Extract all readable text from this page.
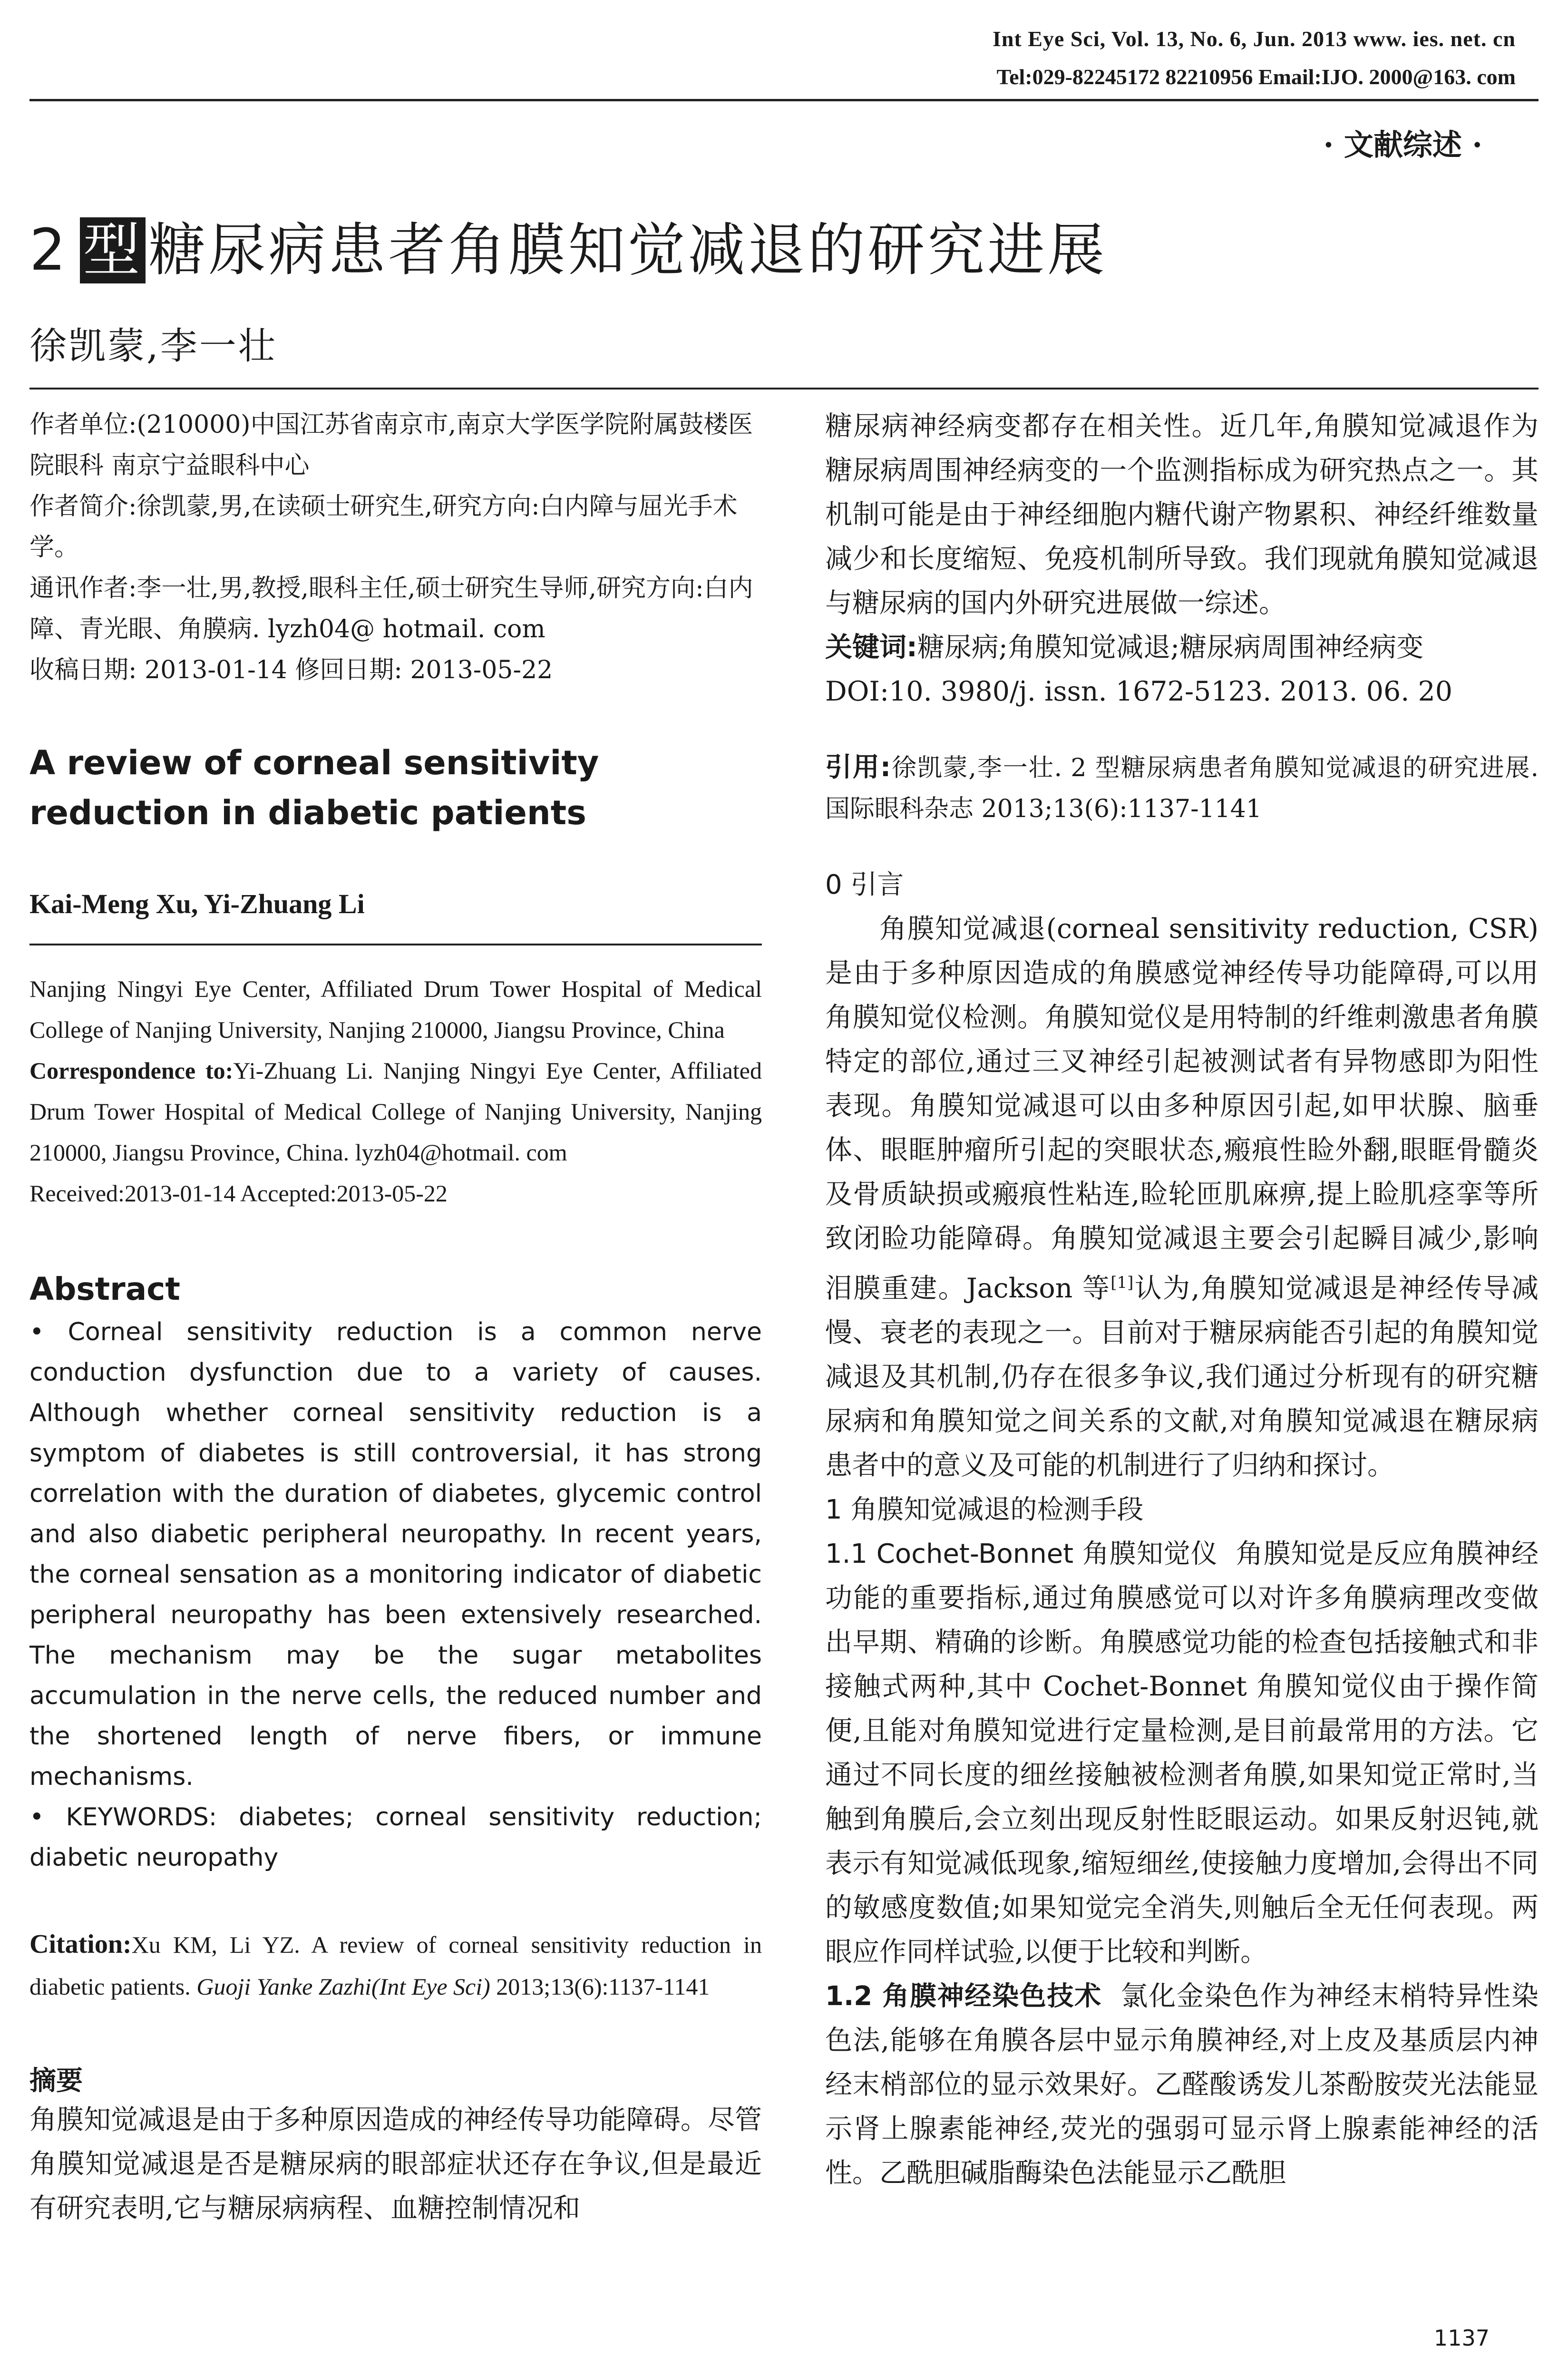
Int Eye Sci, Vol. 13, No. 6, Jun. 2013 www. ies. net. cn
Tel:029-82245172 82210956 Email:IJO. 2000@163. com
· 文献综述 ·
2 型 糖尿病患者角膜知觉减退的研究进展
徐凯蒙,李一壮

作者单位:(210000)中国江苏省南京市,南京大学医学院附属鼓楼医院眼科 南京宁益眼科中心

作者简介:徐凯蒙,男,在读硕士研究生,研究方向:白内障与屈光手术学。

通讯作者:李一壮,男,教授,眼科主任,硕士研究生导师,研究方向:白内障、青光眼、角膜病. lyzh04@ hotmail. com

收稿日期: 2013-01-14 修回日期: 2013-05-22

A review of corneal sensitivity reduction in diabetic patients
Kai-Meng Xu, Yi-Zhuang Li

Nanjing Ningyi Eye Center, Affiliated Drum Tower Hospital of Medical College of Nanjing University, Nanjing 210000, Jiangsu Province, China

Correspondence to:Yi-Zhuang Li. Nanjing Ningyi Eye Center, Affiliated Drum Tower Hospital of Medical College of Nanjing University, Nanjing 210000, Jiangsu Province, China. lyzh04@hotmail. com

Received:2013-01-14 Accepted:2013-05-22

Abstract

• Corneal sensitivity reduction is a common nerve conduction dysfunction due to a variety of causes. Although whether corneal sensitivity reduction is a symptom of diabetes is still controversial, it has strong correlation with the duration of diabetes, glycemic control and also diabetic peripheral neuropathy. In recent years, the corneal sensation as a monitoring indicator of diabetic peripheral neuropathy has been extensively researched. The mechanism may be the sugar metabolites accumulation in the nerve cells, the reduced number and the shortened length of nerve fibers, or immune mechanisms.

• KEYWORDS: diabetes; corneal sensitivity reduction; diabetic neuropathy

Citation:Xu KM, Li YZ. A review of corneal sensitivity reduction in diabetic patients. Guoji Yanke Zazhi(Int Eye Sci) 2013;13(6):1137-1141

摘要

角膜知觉减退是由于多种原因造成的神经传导功能障碍。尽管角膜知觉减退是否是糖尿病的眼部症状还存在争议,但是最近有研究表明,它与糖尿病病程、血糖控制情况和

糖尿病神经病变都存在相关性。近几年,角膜知觉减退作为糖尿病周围神经病变的一个监测指标成为研究热点之一。其机制可能是由于神经细胞内糖代谢产物累积、神经纤维数量减少和长度缩短、免疫机制所导致。我们现就角膜知觉减退与糖尿病的国内外研究进展做一综述。

关键词:糖尿病;角膜知觉减退;糖尿病周围神经病变

DOI:10. 3980/j. issn. 1672-5123. 2013. 06. 20

引用:徐凯蒙,李一壮. 2 型糖尿病患者角膜知觉减退的研究进展. 国际眼科杂志 2013;13(6):1137-1141

0 引言

角膜知觉减退(corneal sensitivity reduction, CSR)是由于多种原因造成的角膜感觉神经传导功能障碍,可以用角膜知觉仪检测。角膜知觉仪是用特制的纤维刺激患者角膜特定的部位,通过三叉神经引起被测试者有异物感即为阳性表现。角膜知觉减退可以由多种原因引起,如甲状腺、脑垂体、眼眶肿瘤所引起的突眼状态,瘢痕性睑外翻,眼眶骨髓炎及骨质缺损或瘢痕性粘连,睑轮匝肌麻痹,提上睑肌痉挛等所致闭睑功能障碍。角膜知觉减退主要会引起瞬目减少,影响泪膜重建。Jackson 等[1]认为,角膜知觉减退是神经传导减慢、衰老的表现之一。目前对于糖尿病能否引起的角膜知觉减退及其机制,仍存在很多争议,我们通过分析现有的研究糖尿病和角膜知觉之间关系的文献,对角膜知觉减退在糖尿病患者中的意义及可能的机制进行了归纳和探讨。

1 角膜知觉减退的检测手段

1.1 Cochet-Bonnet 角膜知觉仪 角膜知觉是反应角膜神经功能的重要指标,通过角膜感觉可以对许多角膜病理改变做出早期、精确的诊断。角膜感觉功能的检查包括接触式和非接触式两种,其中 Cochet-Bonnet 角膜知觉仪由于操作简便,且能对角膜知觉进行定量检测,是目前最常用的方法。它通过不同长度的细丝接触被检测者角膜,如果知觉正常时,当触到角膜后,会立刻出现反射性眨眼运动。如果反射迟钝,就表示有知觉减低现象,缩短细丝,使接触力度增加,会得出不同的敏感度数值;如果知觉完全消失,则触后全无任何表现。两眼应作同样试验,以便于比较和判断。

1.2 角膜神经染色技术 氯化金染色作为神经末梢特异性染色法,能够在角膜各层中显示角膜神经,对上皮及基质层内神经末梢部位的显示效果好。乙醛酸诱发儿茶酚胺荧光法能显示肾上腺素能神经,荧光的强弱可显示肾上腺素能神经的活性。乙酰胆碱脂酶染色法能显示乙酰胆

1137
